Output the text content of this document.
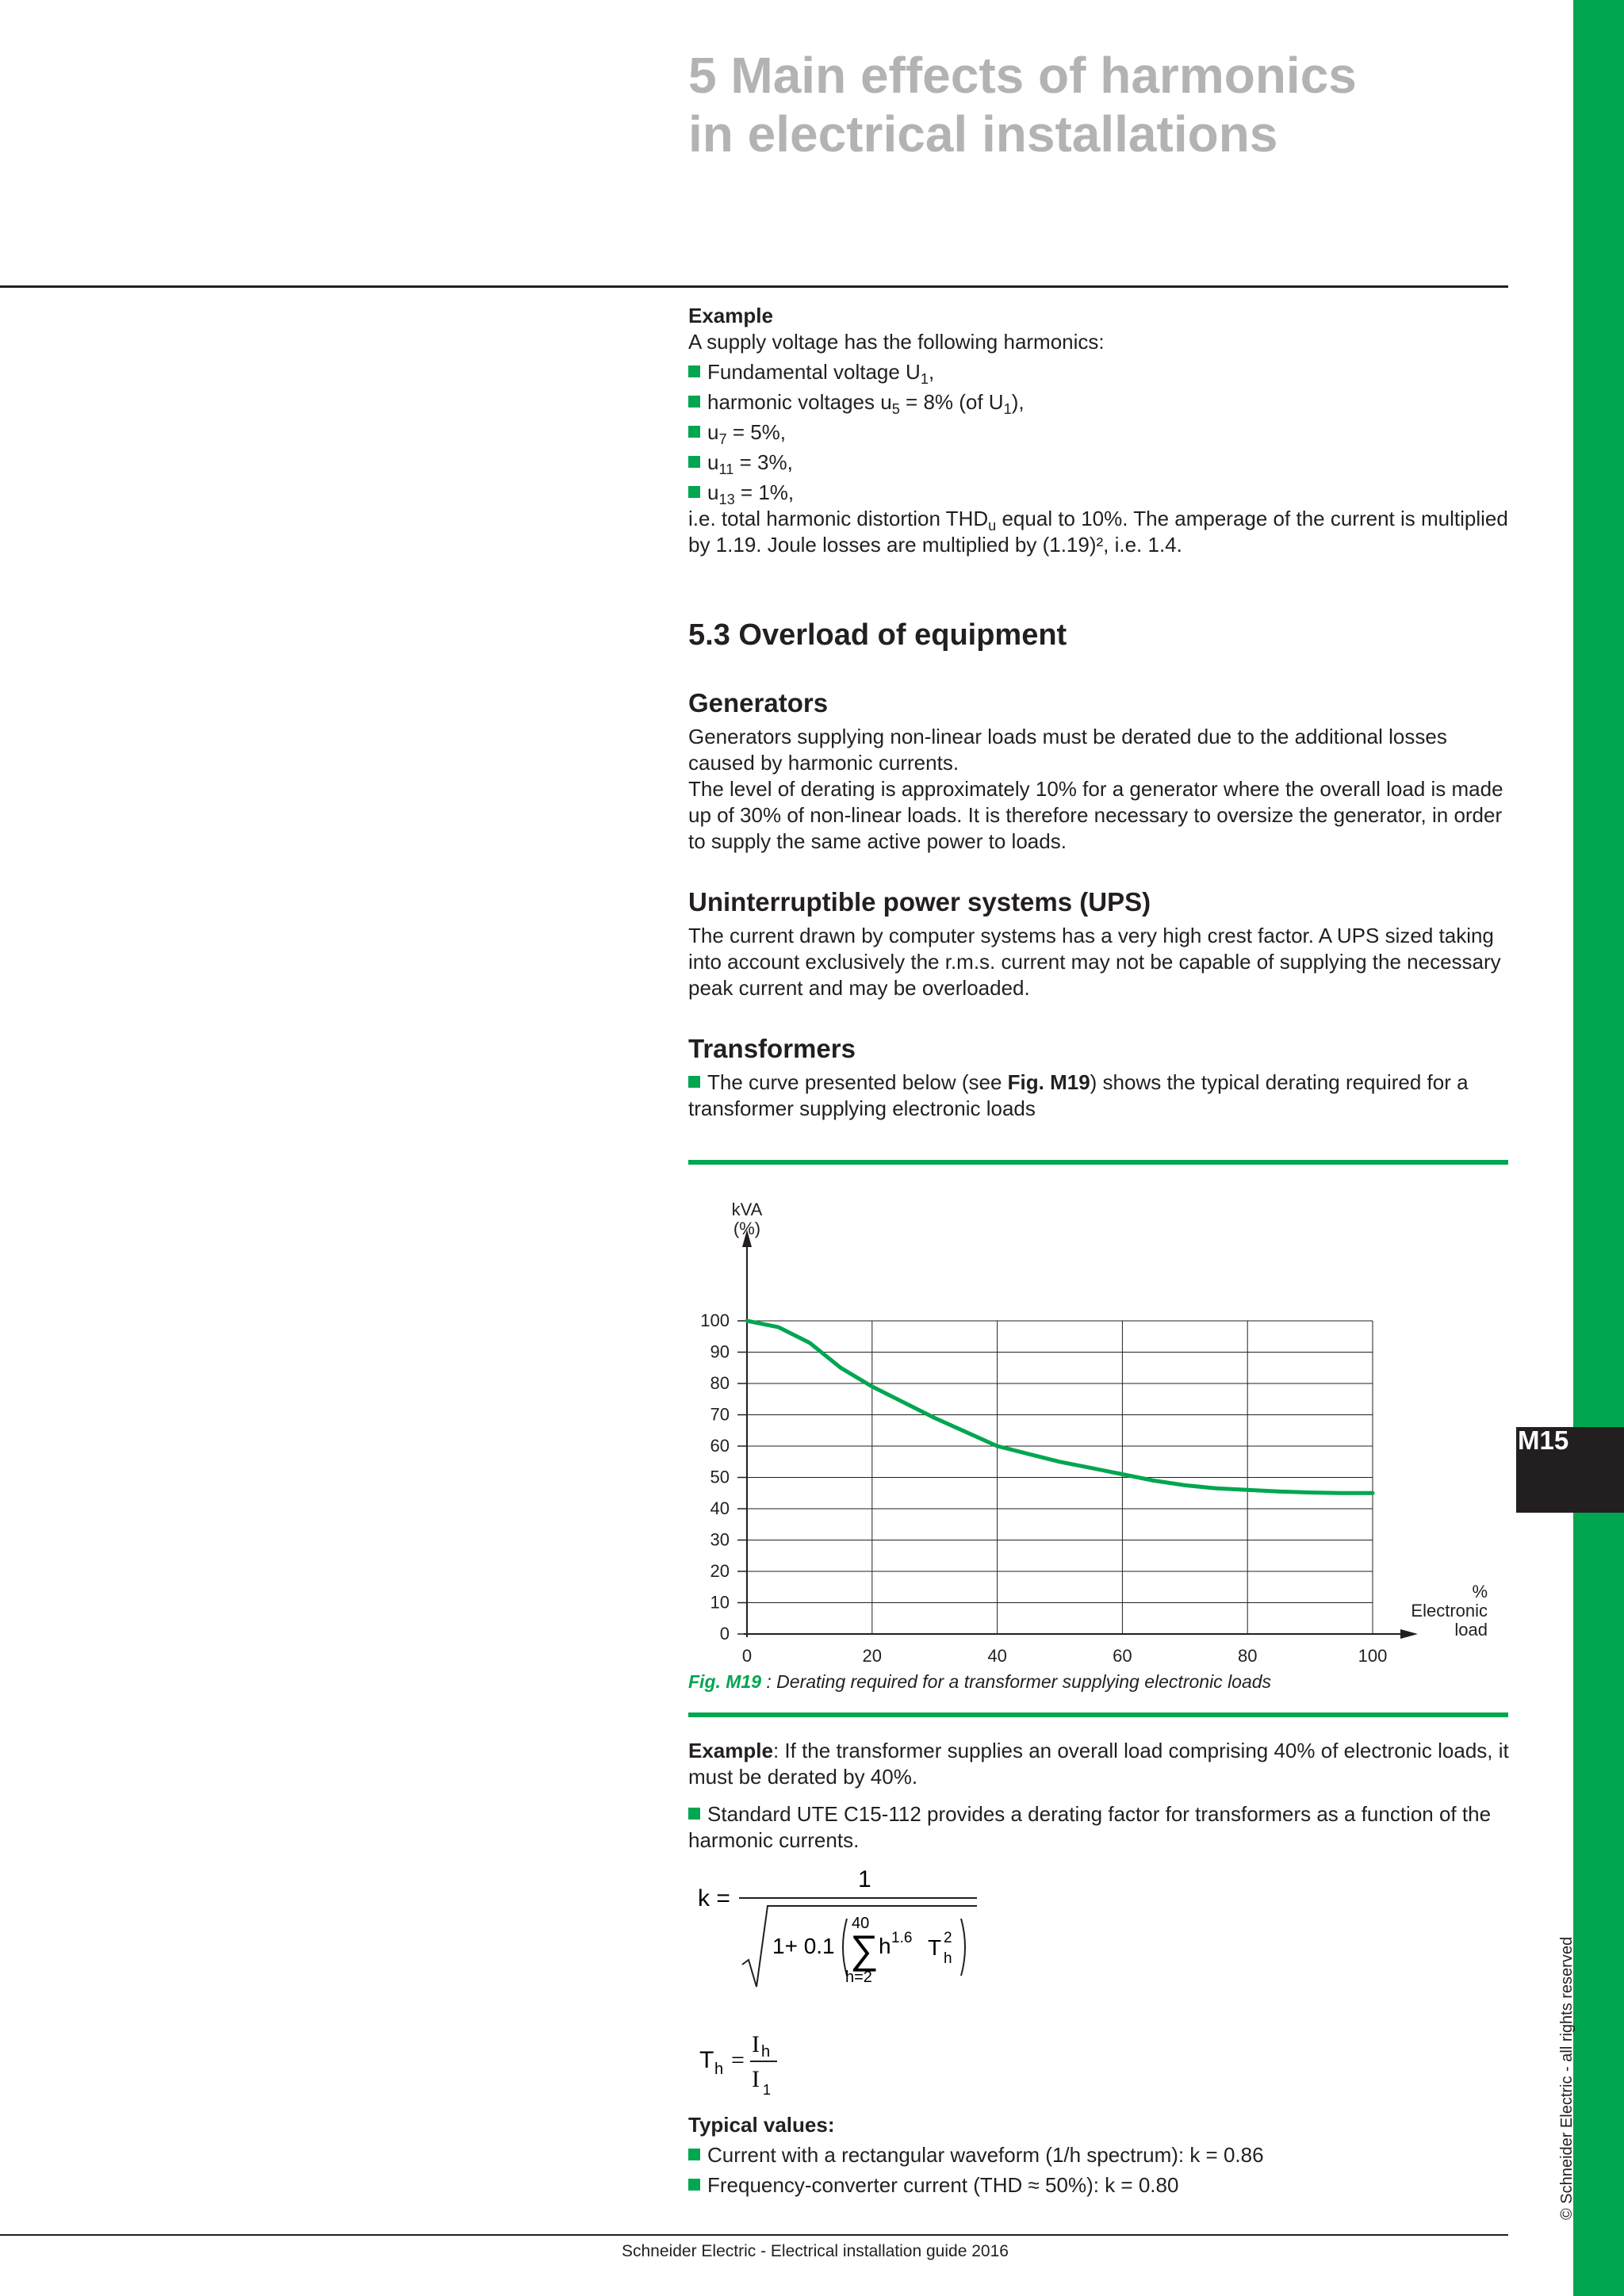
M15
© Schneider Electric - all rights reserved
5 Main effects of harmonics
in electrical installations

Example

A supply voltage has the following harmonics:

Fundamental voltage $U_1$,

harmonic voltages $u_5 = 8\%$ (of $U_1$),

$u_7 = 5\%$,

$u_{11} = 3\%$,

$u_{13} = 1\%$,

i.e. total harmonic distortion $THD_u$ equal to 10%. The amperage of the current is multiplied by 1.19. Joule losses are multiplied by (1.19)², i.e. 1.4.

5.3 Overload of equipment
Generators

Generators supplying non-linear loads must be derated due to the additional losses caused by harmonic currents.

The level of derating is approximately 10% for a generator where the overall load is made up of 30% of non-linear loads. It is therefore necessary to oversize the generator, in order to supply the same active power to loads.

Uninterruptible power systems (UPS)

The current drawn by computer systems has a very high crest factor. A UPS sized taking into account exclusively the r.m.s. current may not be capable of supplying the necessary peak current and may be overloaded.

Transformers

The curve presented below (see Fig. M19) shows the typical derating required for a transformer supplying electronic loads

0
10
20
30
40
50
60
70
80
90
100
0	20	40	60	80	100
kVA
(%)
%
Electronic
load

Fig. M19 : Derating required for a transformer supplying electronic loads

Example: If the transformer supplies an overall load comprising 40% of electronic loads, it must be derated by 40%.

Standard UTE C15-112 provides a derating factor for transformers as a function of the harmonic currents.

k =
1
1+ 0.1 ∑
40
h=2
h 1.6 T 2
h
T h =
I h
I 1

Typical values:

Current with a rectangular waveform (1/h spectrum): k = 0.86

Frequency-converter current (THD ≈ 50%): k = 0.80

Schneider Electric - Electrical installation guide 2016
